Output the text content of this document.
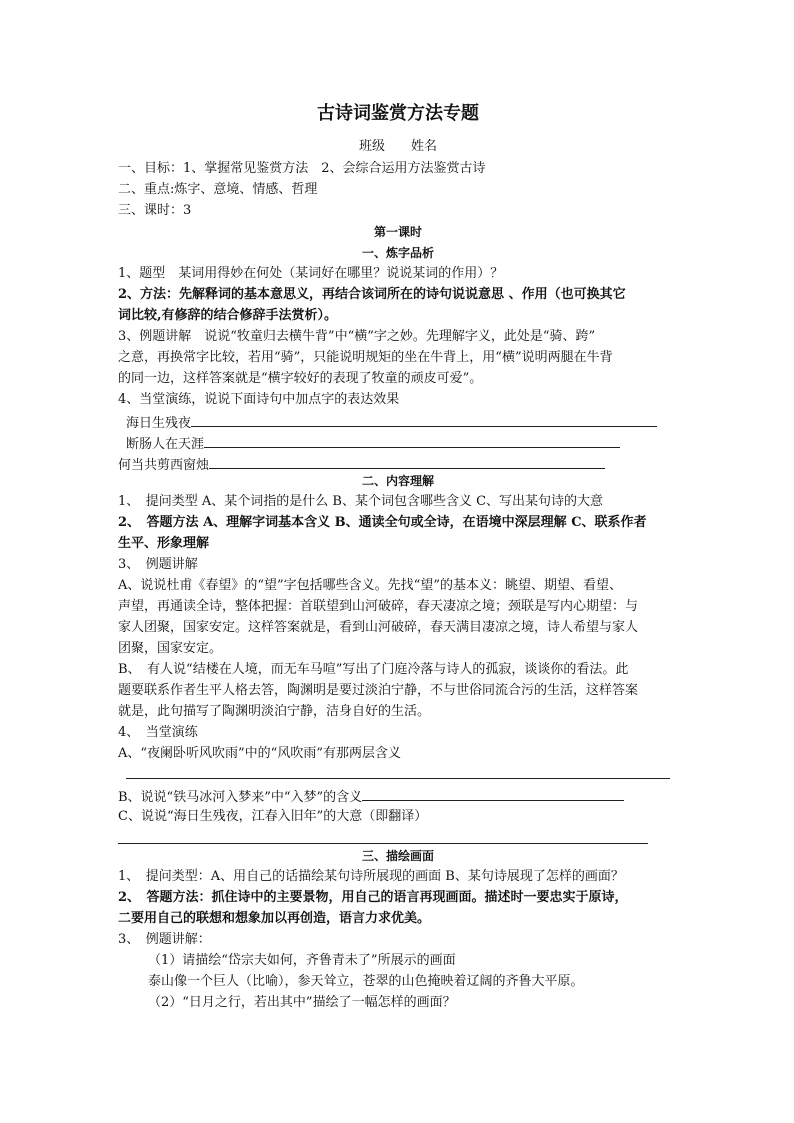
古诗词鉴赏方法专题
班级　　姓名
一、目标：1、掌握常见鉴赏方法　2、会综合运用方法鉴赏古诗
二、重点:炼字、意境、情感、哲理
三、课时：3
第一课时
一、炼字品析
1、题型　某词用得妙在何处（某词好在哪里？说说某词的作用）？
2、方法：先解释词的基本意思义，再结合该词所在的诗句说说意思 、作用（也可换其它
词比较,有修辞的结合修辞手法赏析）。
3、例题讲解　说说“牧童归去横牛背”中“横”字之妙。先理解字义，此处是“骑、跨”
之意，再换常字比较，若用“骑”，只能说明规矩的坐在牛背上，用“横”说明两腿在牛背
的同一边，这样答案就是“横字较好的表现了牧童的顽皮可爱”。
4、当堂演练，说说下面诗句中加点字的表达效果
海日生残夜
断肠人在天涯
何当共剪西窗烛
二、内容理解
1、　提问类型 A、某个词指的是什么 B、某个词包含哪些含义 C、写出某句诗的大意
2、　答题方法 A、理解字词基本含义 B、通读全句或全诗，在语境中深层理解 C、联系作者
生平、形象理解
3、　例题讲解
A、说说杜甫《春望》的“望”字包括哪些含义。先找“望”的基本义：眺望、期望、看望、
声望，再通读全诗，整体把握：首联望到山河破碎，春天凄凉之境；颈联是写内心期望：与
家人团聚，国家安定。这样答案就是，看到山河破碎，春天满目凄凉之境，诗人希望与家人
团聚，国家安定。
B、　有人说“结楼在人境，而无车马喧”写出了门庭冷落与诗人的孤寂，谈谈你的看法。此
题要联系作者生平人格去答，陶渊明是要过淡泊宁静，不与世俗同流合污的生活，这样答案
就是，此句描写了陶渊明淡泊宁静，洁身自好的生活。
4、　当堂演练
A、“夜阑卧听风吹雨”中的“风吹雨”有那两层含义
B、说说“铁马冰河入梦来”中“入梦”的含义
C、说说“海日生残夜，江春入旧年”的大意（即翻译）
三、描绘画面
1、　提问类型：A、用自己的话描绘某句诗所展现的画面 B、某句诗展现了怎样的画面？
2、　答题方法：抓住诗中的主要景物，用自己的语言再现画面。描述时一要忠实于原诗，
二要用自己的联想和想象加以再创造，语言力求优美。
3、　例题讲解：
（1）请描绘“岱宗夫如何，齐鲁青未了”所展示的画面
泰山像一个巨人（比喻），参天耸立，苍翠的山色掩映着辽阔的齐鲁大平原。
（2）“日月之行，若出其中”描绘了一幅怎样的画面？
